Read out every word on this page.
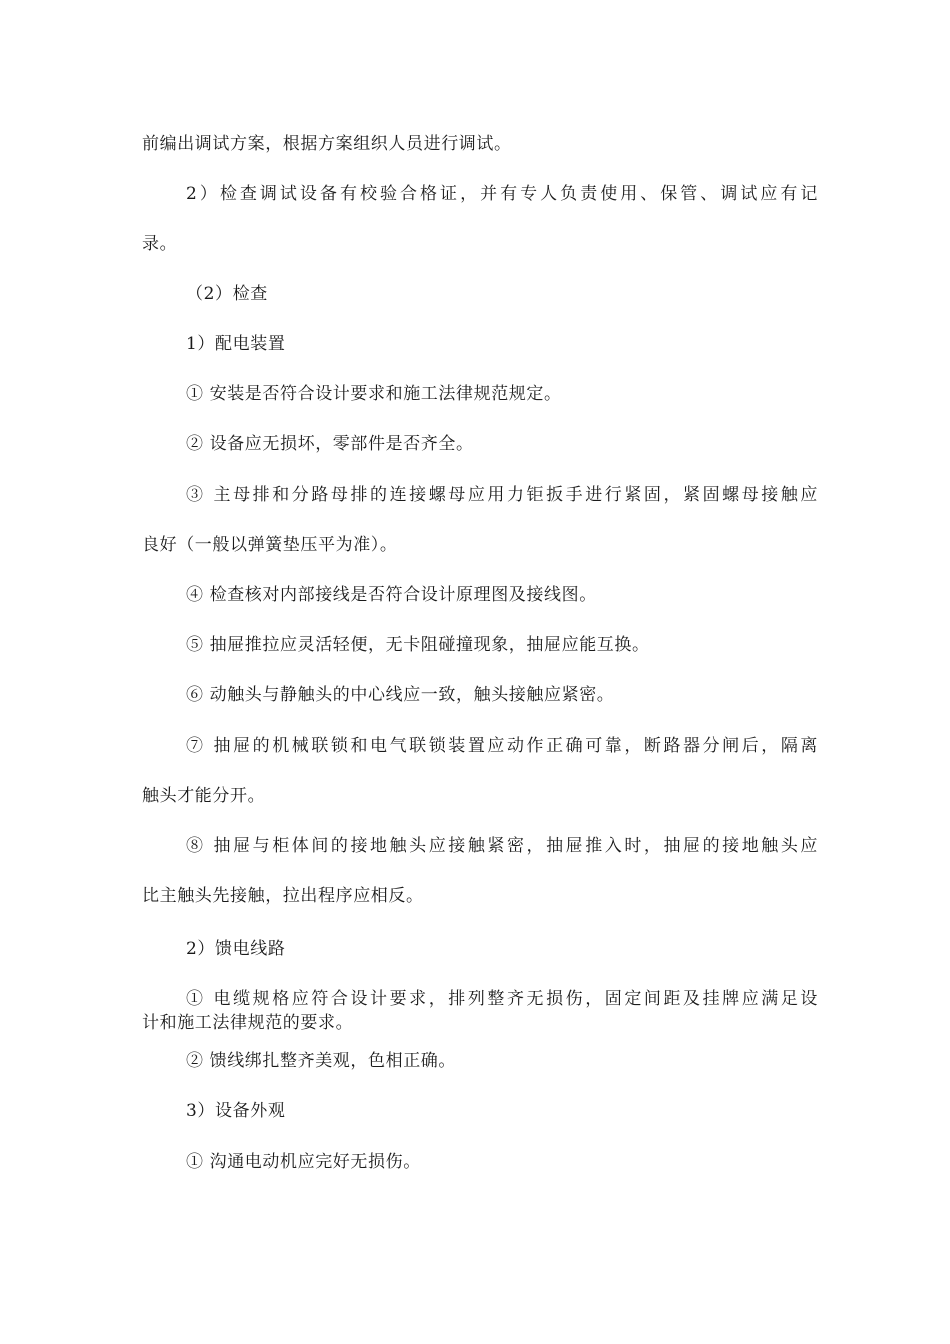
前编出调试方案，根据方案组织人员进行调试。
2）检查调试设备有校验合格证，并有专人负责使用、保管、调试应有记
录。
（2）检查
1）配电装置
① 安装是否符合设计要求和施工法律规范规定。
② 设备应无损坏，零部件是否齐全。
③ 主母排和分路母排的连接螺母应用力钜扳手进行紧固，紧固螺母接触应
良好（一般以弹簧垫压平为准）。
④ 检查核对内部接线是否符合设计原理图及接线图。
⑤ 抽屉推拉应灵活轻便，无卡阻碰撞现象，抽屉应能互换。
⑥ 动触头与静触头的中心线应一致，触头接触应紧密。
⑦ 抽屉的机械联锁和电气联锁装置应动作正确可靠，断路器分闸后，隔离
触头才能分开。
⑧ 抽屉与柜体间的接地触头应接触紧密，抽屉推入时，抽屉的接地触头应
比主触头先接触，拉出程序应相反。
2）馈电线路
① 电缆规格应符合设计要求，排列整齐无损伤，固定间距及挂牌应满足设
计和施工法律规范的要求。
② 馈线绑扎整齐美观，色相正确。
3）设备外观
① 沟通电动机应完好无损伤。
